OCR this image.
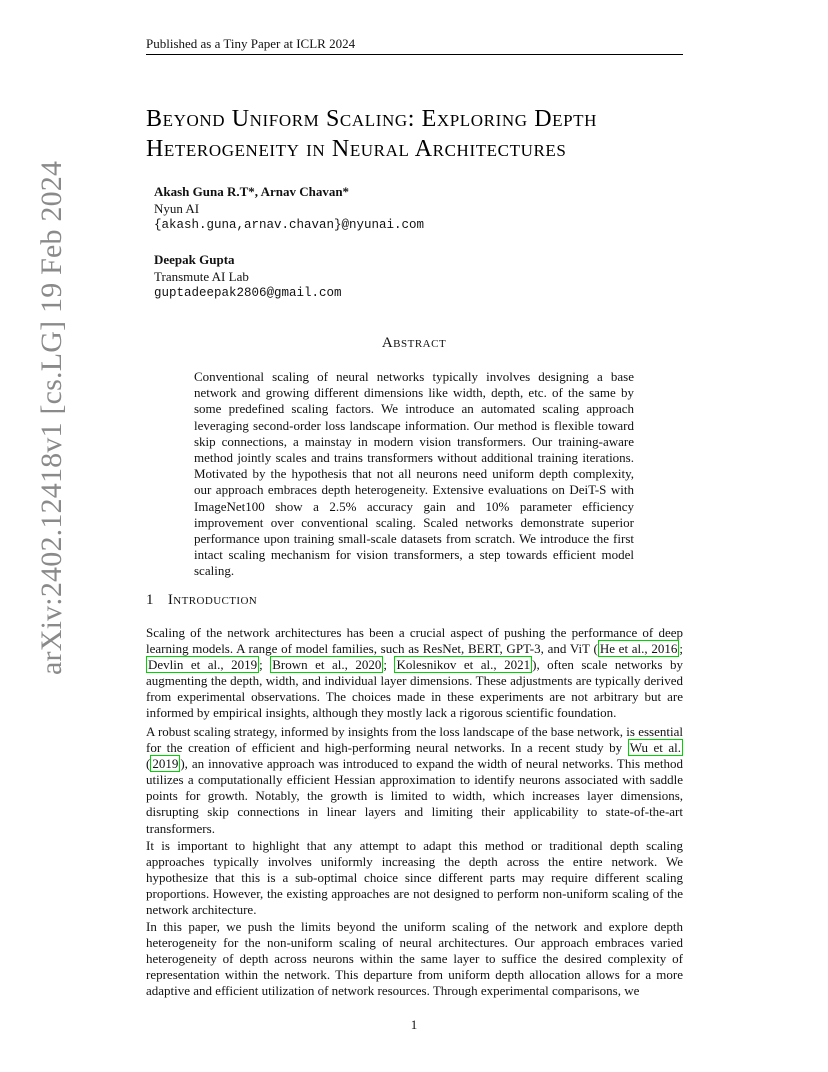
Published as a Tiny Paper at ICLR 2024
arXiv:2402.12418v1 [cs.LG] 19 Feb 2024
Beyond Uniform Scaling: Exploring Depth
Heterogeneity in Neural Architectures
Akash Guna R.T*, Arnav Chavan*
Nyun AI
{akash.guna,arnav.chavan}@nyunai.com
Deepak Gupta
Transmute AI Lab
guptadeepak2806@gmail.com
Abstract
Conventional scaling of neural networks typically involves designing a base network and growing different dimensions like width, depth, etc. of the same by some predefined scaling factors. We introduce an automated scaling approach leveraging second-order loss landscape information. Our method is flexible toward skip connections, a mainstay in modern vision transformers. Our training-aware method jointly scales and trains transformers without additional training iterations. Motivated by the hypothesis that not all neurons need uniform depth complexity, our approach embraces depth heterogeneity. Extensive evaluations on DeiT-S with ImageNet100 show a 2.5% accuracy gain and 10% parameter efficiency improvement over conventional scaling. Scaled networks demonstrate superior performance upon training small-scale datasets from scratch. We introduce the first intact scaling mechanism for vision transformers, a step towards efficient model scaling.
1 Introduction
Scaling of the network architectures has been a crucial aspect of pushing the performance of deep learning models. A range of model families, such as ResNet, BERT, GPT-3, and ViT ( He et al., 2016 ; Devlin et al., 2019 ; Brown et al., 2020 ; Kolesnikov et al., 2021 ), often scale networks by augmenting the depth, width, and individual layer dimensions. These adjustments are typically derived from experimental observations. The choices made in these experiments are not arbitrary but are informed by empirical insights, although they mostly lack a rigorous scientific foundation.
A robust scaling strategy, informed by insights from the loss landscape of the base network, is essential for the creation of efficient and high-performing neural networks. In a recent study by Wu et al. ( 2019 ), an innovative approach was introduced to expand the width of neural networks. This method utilizes a computationally efficient Hessian approximation to identify neurons associated with saddle points for growth. Notably, the growth is limited to width, which increases layer dimensions, disrupting skip connections in linear layers and limiting their applicability to state-of-the-art transformers.
It is important to highlight that any attempt to adapt this method or traditional depth scaling approaches typically involves uniformly increasing the depth across the entire network. We hypothesize that this is a sub-optimal choice since different parts may require different scaling proportions. However, the existing approaches are not designed to perform non-uniform scaling of the network architecture.
In this paper, we push the limits beyond the uniform scaling of the network and explore depth heterogeneity for the non-uniform scaling of neural architectures. Our approach embraces varied heterogeneity of depth across neurons within the same layer to suffice the desired complexity of representation within the network. This departure from uniform depth allocation allows for a more adaptive and efficient utilization of network resources. Through experimental comparisons, we
1
